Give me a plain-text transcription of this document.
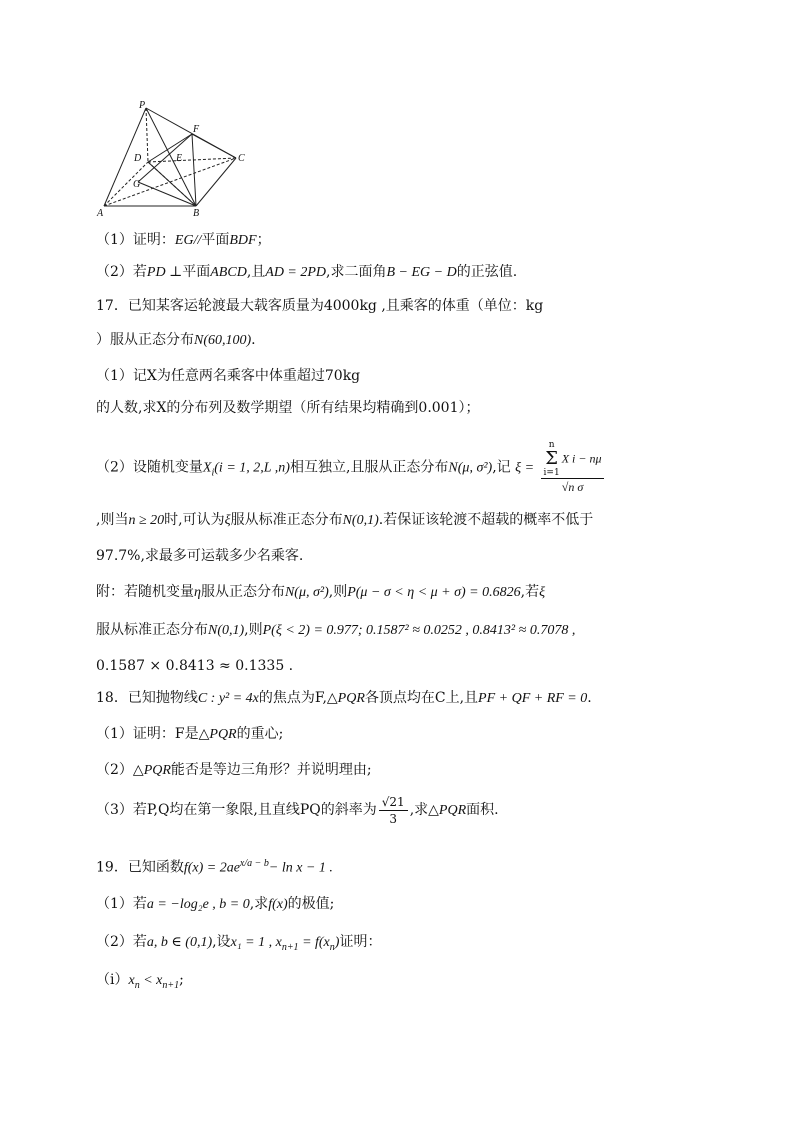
P
F
D	E	C
G
A	B
（1）证明：EG//平面BDF；
（2）若PD ⊥平面ABCD,且AD = 2PD,求二面角B − EG − D的正弦值.
17．已知某客运轮渡最大载客质量为4000kg ,且乘客的体重（单位：kg
）服从正态分布N(60,100).
（1）记X为任意两名乘客中体重超过70kg
的人数,求X的分布列及数学期望（所有结果均精确到0.001）；
（2）设随机变量$X_i(i = 1$, 2,L ,n)相互独立,且服从正态分布N(μ, σ²),记 ξ = n
Σ
i=1X i − nμ
√n σ
,则当n ≥ 20时,可认为ξ服从标准正态分布N(0,1).若保证该轮渡不超载的概率不低于
97.7%,求最多可运载多少名乘客.
附：若随机变量η服从正态分布N(μ, σ²),则P(μ − σ < η < μ + σ) = 0.6826,若ξ
服从标准正态分布N(0,1),则P(ξ < 2) = 0.977; 0.1587² ≈ 0.0252 , 0.8413² ≈ 0.7078 ,
0.1587 × 0.8413 ≈ 0.1335 .
18．已知抛物线C : y² = 4x的焦点为F,△PQR各顶点均在C上,且PF + QF + RF = 0.
（1）证明：F是△PQR的重心;
（2）△PQR能否是等边三角形？并说明理由;
（3）若P,Q均在第一象限,且直线PQ的斜率为 $\frac{√21}{3}$ ,求△PQR面积.
19．已知函数$f(x) = 2ae^{x/a - b}- \ln x - 1$ .
（1）若a = −log₂e , b = 0,求f(x)的极值;
（2）若a, b ∈ (0,1),设x₁ = 1 , $x_{n+1} = f(x_n)$证明：
$(i)x_n < x_{n+1}$;
